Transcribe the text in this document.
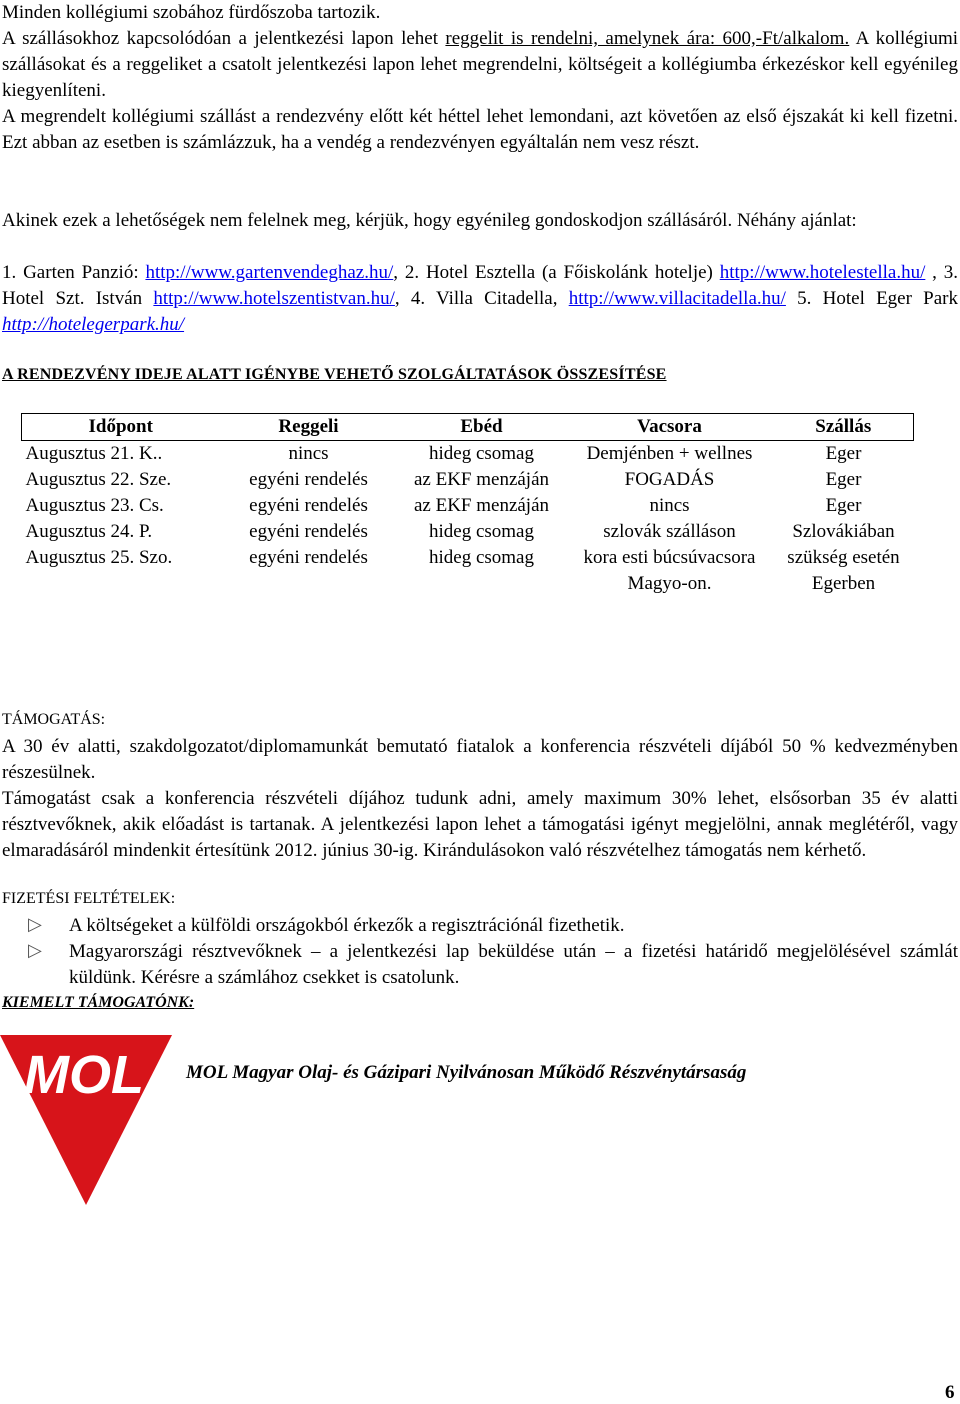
Minden kollégiumi szobához fürdőszoba tartozik.

A szállásokhoz kapcsolódóan a jelentkezési lapon lehet reggelit is rendelni, amelynek ára: 600,-Ft/alkalom. A kollégiumi szállásokat és a reggeliket a csatolt jelentkezési lapon lehet megrendelni, költségeit a kollégiumba érkezéskor kell egyénileg kiegyenlíteni.

A megrendelt kollégiumi szállást a rendezvény előtt két héttel lehet lemondani, azt követően az első éjszakát ki kell fizetni. Ezt abban az esetben is számlázzuk, ha a vendég a rendezvényen egyáltalán nem vesz részt.

Akinek ezek a lehetőségek nem felelnek meg, kérjük, hogy egyénileg gondoskodjon szállásáról. Néhány ajánlat:

1. Garten Panzió: http://www.gartenvendeghaz.hu/, 2. Hotel Esztella (a Főiskolánk hotelje) http://www.hotelestella.hu/ , 3. Hotel Szt. István http://www.hotelszentistvan.hu/, 4. Villa Citadella, http://www.villacitadella.hu/ 5. Hotel Eger Park http://hotelegerpark.hu/

A RENDEZVÉNY IDEJE ALATT IGÉNYBE VEHETŐ SZOLGÁLTATÁSOK ÖSSZESÍTÉSE
Időpont	Reggeli	Ebéd	Vacsora	Szállás
Augusztus 21. K..	nincs	hideg csomag	Demjénben + wellnes	Eger
Augusztus 22. Sze.	egyéni rendelés	az EKF menzáján	FOGADÁS	Eger
Augusztus 23. Cs.	egyéni rendelés	az EKF menzáján	nincs	Eger
Augusztus 24. P.	egyéni rendelés	hideg csomag	szlovák szálláson	Szlovákiában
Augusztus 25. Szo.	egyéni rendelés	hideg csomag	kora esti búcsúvacsora Magyo-on.	szükség esetén Egerben
TÁMOGATÁS:

A 30 év alatti, szakdolgozatot/diplomamunkát bemutató fiatalok a konferencia részvételi díjából 50 % kedvezményben részesülnek.

Támogatást csak a konferencia részvételi díjához tudunk adni, amely maximum 30% lehet, elsősorban 35 év alatti résztvevőknek, akik előadást is tartanak. A jelentkezési lapon lehet a támogatási igényt megjelölni, annak meglétéről, vagy elmaradásáról mindenkit értesítünk 2012. június 30-ig. Kirándulásokon való részvételhez támogatás nem kérhető.

FIZETÉSI FELTÉTELEK:
▷ A költségeket a külföldi országokból érkezők a regisztrációnál fizethetik.

▷ Magyarországi résztvevőknek – a jelentkezési lap beküldése után – a fizetési határidő megjelölésével számlát küldünk. Kérésre a számlához csekket is csatolunk.

KIEMELT TÁMOGATÓNK:
MOL MOL Magyar Olaj- és Gázipari Nyilvánosan Működő Részvénytársaság
6
